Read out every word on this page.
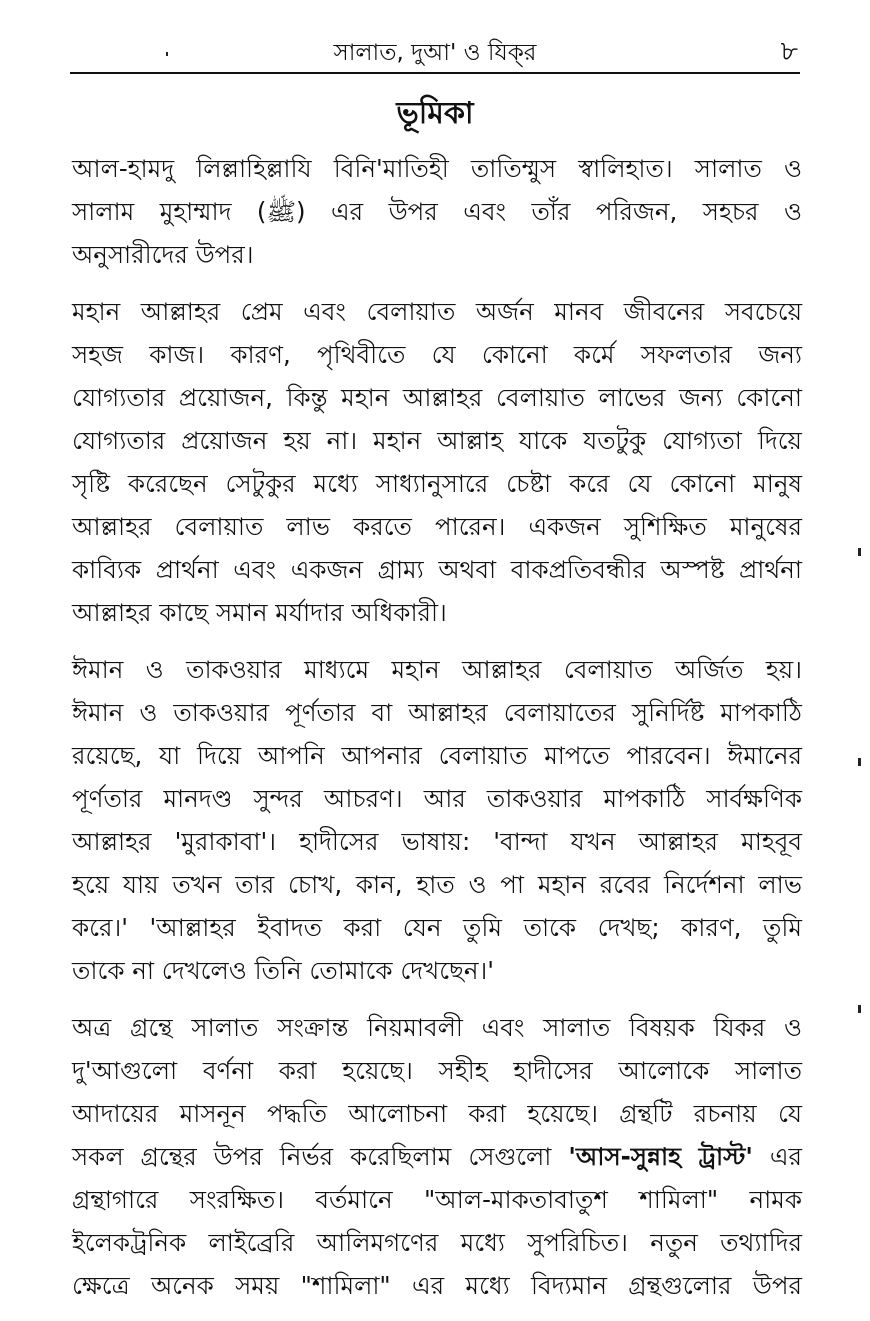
সালাত, দুআ' ও যিক্‌র	৮
ভূমিকা

আল-হামদু লিল্লাহিল্লাযি বিনি'মাতিহী তাতিম্মুস স্বালিহাত। সালাত ও
সালাম মুহাম্মাদ (ﷺ) এর উপর এবং তাঁর পরিজন, সহচর ও
অনুসারীদের উপর।

মহান আল্লাহর প্রেম এবং বেলায়াত অর্জন মানব জীবনের সবচেয়ে
সহজ কাজ। কারণ, পৃথিবীতে যে কোনো কর্মে সফলতার জন্য
যোগ্যতার প্রয়োজন, কিন্তু মহান আল্লাহর বেলায়াত লাভের জন্য কোনো
যোগ্যতার প্রয়োজন হয় না। মহান আল্লাহ যাকে যতটুকু যোগ্যতা দিয়ে
সৃষ্টি করেছেন সেটুকুর মধ্যে সাধ্যানুসারে চেষ্টা করে যে কোনো মানুষ
আল্লাহর বেলায়াত লাভ করতে পারেন। একজন সুশিক্ষিত মানুষের
কাব্যিক প্রার্থনা এবং একজন গ্রাম্য অথবা বাকপ্রতিবন্ধীর অস্পষ্ট প্রার্থনা
আল্লাহর কাছে সমান মর্যাদার অধিকারী।

ঈমান ও তাকওয়ার মাধ্যমে মহান আল্লাহর বেলায়াত অর্জিত হয়।
ঈমান ও তাকওয়ার পূর্ণতার বা আল্লাহর বেলায়াতের সুনির্দিষ্ট মাপকাঠি
রয়েছে, যা দিয়ে আপনি আপনার বেলায়াত মাপতে পারবেন। ঈমানের
পূর্ণতার মানদণ্ড সুন্দর আচরণ। আর তাকওয়ার মাপকাঠি সার্বক্ষণিক
আল্লাহর 'মুরাকাবা'। হাদীসের ভাষায়: 'বান্দা যখন আল্লাহর মাহবূব
হয়ে যায় তখন তার চোখ, কান, হাত ও পা মহান রবের নির্দেশনা লাভ
করে।' 'আল্লাহর ইবাদত করা যেন তুমি তাকে দেখছ; কারণ, তুমি
তাকে না দেখলেও তিনি তোমাকে দেখছেন।'

অত্র গ্রন্থে সালাত সংক্রান্ত নিয়মাবলী এবং সালাত বিষয়ক যিকর ও
দু'আগুলো বর্ণনা করা হয়েছে। সহীহ হাদীসের আলোকে সালাত
আদায়ের মাসনূন পদ্ধতি আলোচনা করা হয়েছে। গ্রন্থটি রচনায় যে
সকল গ্রন্থের উপর নির্ভর করেছিলাম সেগুলো 'আস-সুন্নাহ ট্রাস্ট' এর
গ্রন্থাগারে সংরক্ষিত। বর্তমানে "আল-মাকতাবাতুশ শামিলা" নামক
ইলেকট্রনিক লাইব্রেরি আলিমগণের মধ্যে সুপরিচিত। নতুন তথ্যাদির
ক্ষেত্রে অনেক সময় "শামিলা" এর মধ্যে বিদ্যমান গ্রন্থগুলোর উপর
